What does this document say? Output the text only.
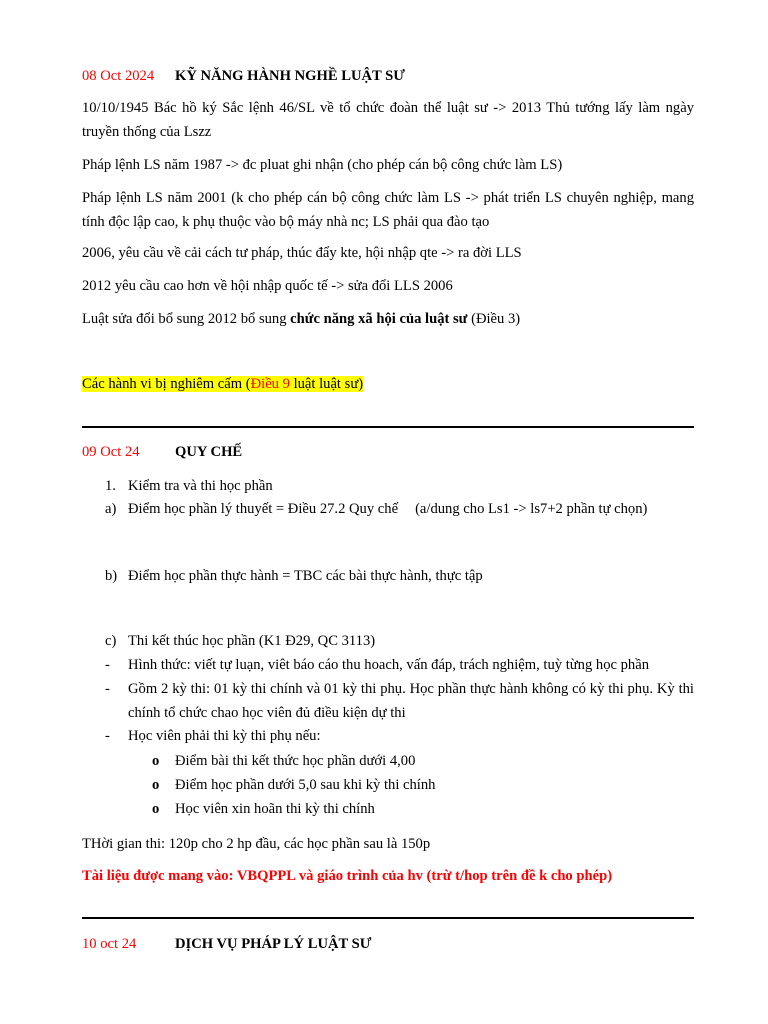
08 Oct 2024 KỸ NĂNG HÀNH NGHỀ LUẬT SƯ
10/10/1945 Bác hồ ký Sắc lệnh 46/SL về tổ chức đoàn thể luật sư -> 2013 Thủ tướng lấy làm ngày truyền thống của Lszz
Pháp lệnh LS năm 1987 -> đc pluat ghi nhận (cho phép cán bộ công chức làm LS)
Pháp lệnh LS năm 2001 (k cho phép cán bộ công chức làm LS -> phát triển LS chuyên nghiệp, mang tính độc lập cao, k phụ thuộc vào bộ máy nhà nc; LS phải qua đào tạo
2006, yêu cầu về cải cách tư pháp, thúc đẩy kte, hội nhập qte -> ra đời LLS
2012 yêu cầu cao hơn về hội nhập quốc tế -> sửa đổi LLS 2006
Luật sửa đổi bổ sung 2012 bổ sung chức năng xã hội của luật sư (Điều 3)
Các hành vi bị nghiêm cấm (Điều 9 luật luật sư)
09 Oct 24 QUY CHẾ
1. Kiểm tra và thi học phần
a) Điểm học phần lý thuyết = Điều 27.2 Quy chế (a/dung cho Ls1 -> ls7+2 phần tự chọn)
b) Điểm học phần thực hành = TBC các bài thực hành, thực tập
c) Thi kết thúc học phần (K1 Đ29, QC 3113)
- Hình thức: viết tự luạn, viêt báo cáo thu hoach, vấn đáp, trách nghiệm, tuỳ từng học phần
- Gồm 2 kỳ thi: 01 kỳ thi chính và 01 kỳ thi phụ. Học phần thực hành không có kỳ thi phụ. Kỳ thi chính tổ chức chao học viên đủ điều kiện dự thi
- Học viên phải thi kỳ thi phụ nếu:
o Điểm bài thi kết thức học phần dưới 4,00
o Điểm học phần dưới 5,0 sau khi kỳ thi chính
o Học viên xin hoãn thi kỳ thi chính
THời gian thi: 120p cho 2 hp đầu, các học phần sau là 150p
Tài liệu được mang vào: VBQPPL và giáo trình của hv (trừ t/hop trên đề k cho phép)
10 oct 24	DỊCH VỤ PHÁP LÝ LUẬT SƯ
